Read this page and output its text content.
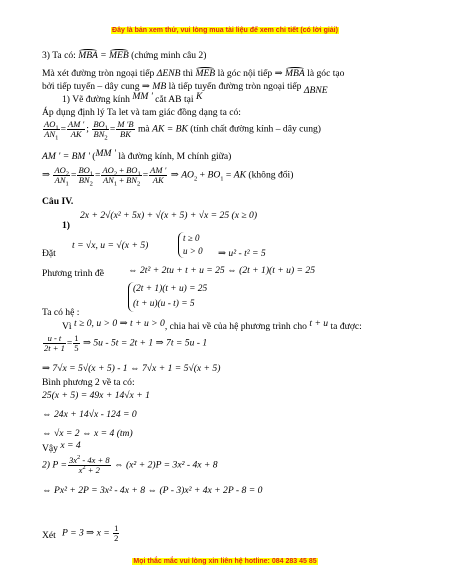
Đây là bản xem thử, vui lòng mua tài liệu để xem chi tiết (có lời giải)
3) Ta có: MBA = MEB (chứng minh câu 2)
Mà xét đường tròn ngoại tiếp ΔENB thì MEB là góc nội tiếp ⇒ MBA là góc tạo
bởi tiếp tuyến – dây cung ⇒ MB là tiếp tuyến đường tròn ngoại tiếp ΔBNE
1) Vẽ đường kính MM ' cắt AB tại K
Áp dụng định lý Ta let và tam giác đồng dạng ta có:
$\frac{AO_1}{AN_1} = \frac{AM '}{AK}$ ; $\frac{BO_1}{BN_2} = \frac{M 'B}{BK}$ mà AK = BK (tính chất đường kính – dây cung)
AM ' = BM ' (MM ' là đường kính, M chính giữa)
⇒ $\frac{AO_2}{AN_1} = \frac{BO_1}{BN_2} = \frac{AO_2 + BO_1}{AN_1 + BN_2} = \frac{AM '}{AK}$ ⇒ $AO_2 + BO_1$ = AK (không đổi)
Câu IV.
1)
2x + 2√(x² + 5x) + √(x + 5) + √x = 25 (x ≥ 0)
Đặt
t = √x, u = √(x + 5)
t ≥ 0
u > 0 ⇒ u² - t² = 5
Phương trình đề	⇔ 2t² + 2tu + t + u = 25 ⇔ (2t + 1)(t + u) = 25
(2t + 1)(t + u) = 25
(t + u)(u - t) = 5
Ta có hệ :
Vì t ≥ 0, u > 0 ⇒ t + u > 0, chia hai về của hệ phương trình cho t + u ta được:
$\frac{u - t}{2t + 1} = \frac{1}{5}$ ⇒ 5u - 5t = 2t + 1 ⇒ 7t = 5u - 1
⇒ 7√x = 5√(x + 5) - 1 ⇔ 7√x + 1 = 5√(x + 5)
Bình phương 2 về ta có:
25(x + 5) = 49x + 14√x + 1
⇔ 24x + 14√x - 124 = 0
⇔ √x = 2 ⇔ x = 4 (tm)
Vậy x = 4
2) $P = \frac{3x^2 - 4x + 8}{x^2 + 2}$ ⇔ (x² + 2)P = 3x² - 4x + 8
⇔ Px² + 2P = 3x² - 4x + 8 ⇔ (P - 3)x² + 4x + 2P - 8 = 0
P = 3 ⇒ $x = \frac{1}{2}$
Xét
Mọi thắc mắc vui lòng xin liên hệ hotline: 084 283 45 85
